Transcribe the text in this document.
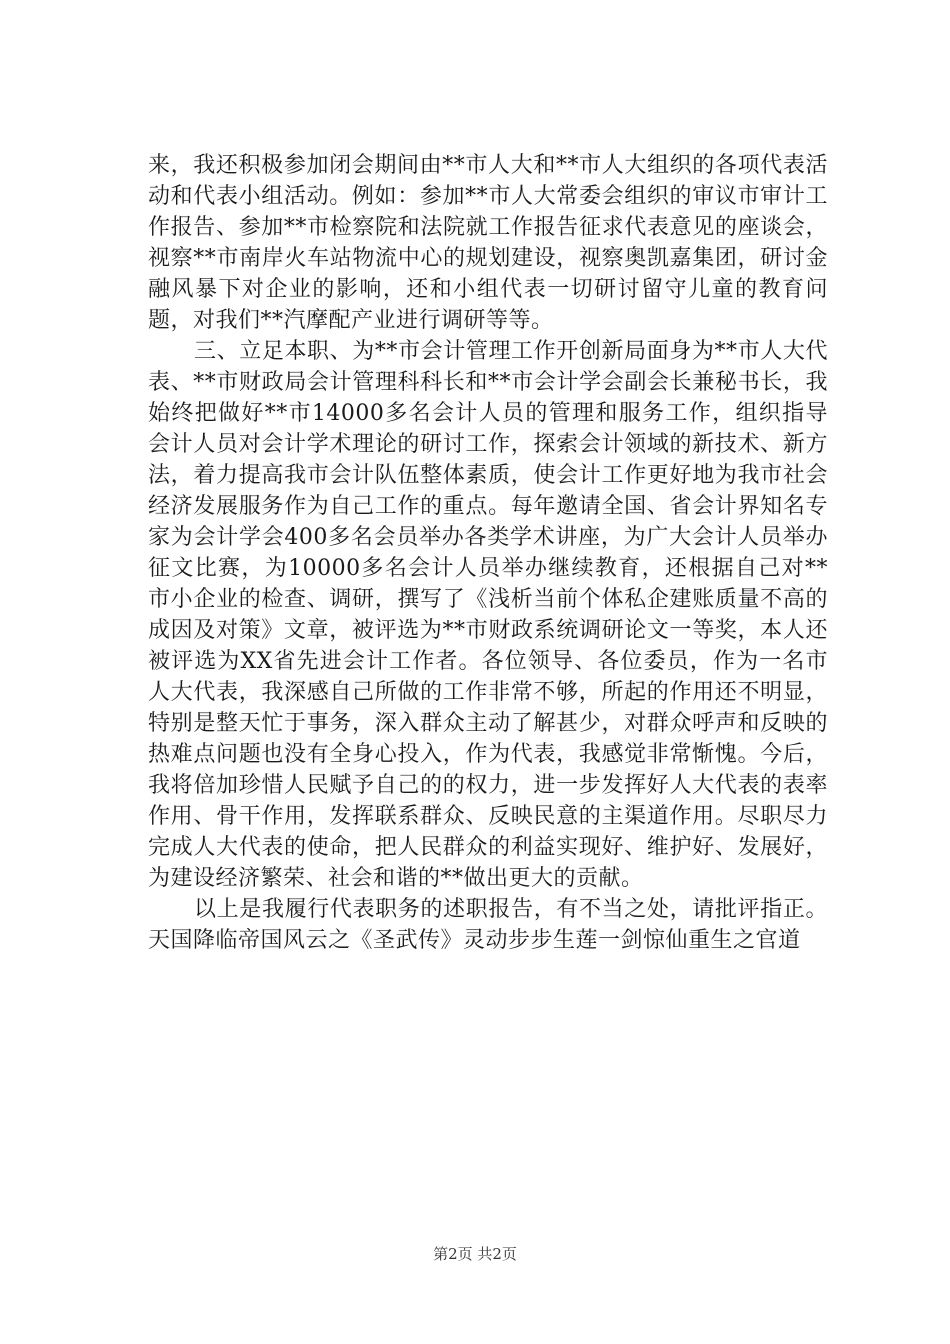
来，我还积极参加闭会期间由**市人大和**市人大组织的各项代表活动和代表小组活动。例如：参加**市人大常委会组织的审议市审计工作报告、参加**市检察院和法院就工作报告征求代表意见的座谈会，视察**市南岸火车站物流中心的规划建设，视察奥凯嘉集团，研讨金融风暴下对企业的影响，还和小组代表一切研讨留守儿童的教育问题，对我们**汽摩配产业进行调研等等。

三、立足本职、为**市会计管理工作开创新局面身为**市人大代表、**市财政局会计管理科科长和**市会计学会副会长兼秘书长，我始终把做好**市14000多名会计人员的管理和服务工作，组织指导会计人员对会计学术理论的研讨工作，探索会计领域的新技术、新方法，着力提高我市会计队伍整体素质，使会计工作更好地为我市社会经济发展服务作为自己工作的重点。每年邀请全国、省会计界知名专家为会计学会400多名会员举办各类学术讲座，为广大会计人员举办征文比赛，为10000多名会计人员举办继续教育，还根据自己对**市小企业的检查、调研，撰写了《浅析当前个体私企建账质量不高的成因及对策》文章，被评选为**市财政系统调研论文一等奖，本人还被评选为XX省先进会计工作者。各位领导、各位委员，作为一名市人大代表，我深感自己所做的工作非常不够，所起的作用还不明显，特别是整天忙于事务，深入群众主动了解甚少，对群众呼声和反映的热难点问题也没有全身心投入，作为代表，我感觉非常惭愧。今后，我将倍加珍惜人民赋予自己的的权力，进一步发挥好人大代表的表率作用、骨干作用，发挥联系群众、反映民意的主渠道作用。尽职尽力完成人大代表的使命，把人民群众的利益实现好、维护好、发展好，为建设经济繁荣、社会和谐的**做出更大的贡献。

以上是我履行代表职务的述职报告，有不当之处，请批评指正。天国降临帝国风云之《圣武传》灵动步步生莲一剑惊仙重生之官道

第2页 共2页
